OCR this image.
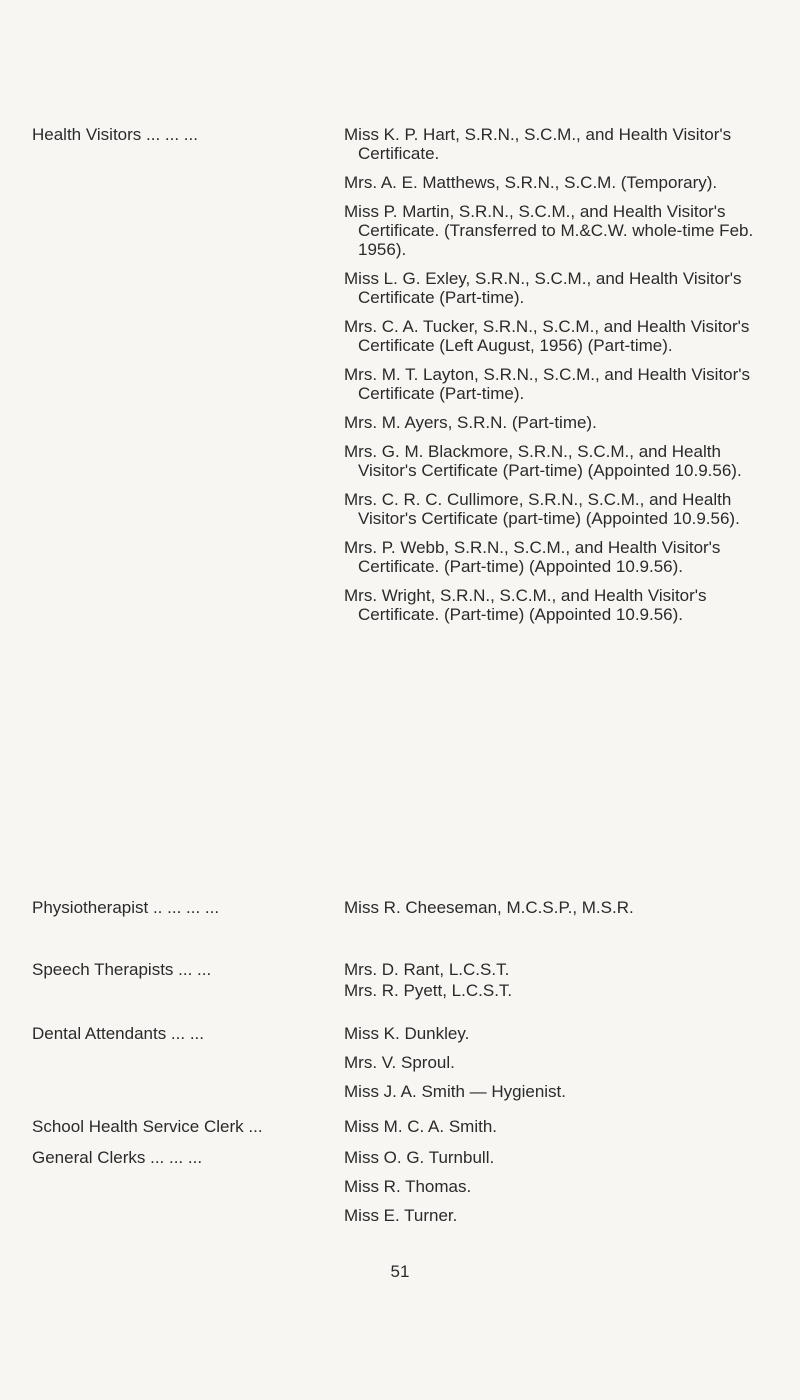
Health Visitors ... ... ...	Miss K. P. Hart, S.R.N., S.C.M., and Health Visitor's Certificate.
Mrs. A. E. Matthews, S.R.N., S.C.M. (Temporary).
Miss P. Martin, S.R.N., S.C.M., and Health Visitor's Certificate. (Transferred to M.&C.W. whole-time Feb. 1956).
Miss L. G. Exley, S.R.N., S.C.M., and Health Visitor's Certificate (Part-time).
Mrs. C. A. Tucker, S.R.N., S.C.M., and Health Visitor's Certificate (Left August, 1956) (Part-time).
Mrs. M. T. Layton, S.R.N., S.C.M., and Health Visitor's Certificate (Part-time).
Mrs. M. Ayers, S.R.N. (Part-time).
Mrs. G. M. Blackmore, S.R.N., S.C.M., and Health Visitor's Certificate (Part-time) (Appointed 10.9.56).
Mrs. C. R. C. Cullimore, S.R.N., S.C.M., and Health Visitor's Certificate (part-time) (Appointed 10.9.56).
Mrs. P. Webb, S.R.N., S.C.M., and Health Visitor's Certificate. (Part-time) (Appointed 10.9.56).
Mrs. Wright, S.R.N., S.C.M., and Health Visitor's Certificate. (Part-time) (Appointed 10.9.56).
Physiotherapist .. ... ... ...	Miss R. Cheeseman, M.C.S.P., M.S.R.
Speech Therapists ... ...	Mrs. D. Rant, L.C.S.T.
Mrs. R. Pyett, L.C.S.T.
Dental Attendants ... ...	Miss K. Dunkley.
Mrs. V. Sproul.
Miss J. A. Smith — Hygienist.
School Health Service Clerk ...	Miss M. C. A. Smith.
General Clerks ... ... ...	Miss O. G. Turnbull.
Miss R. Thomas.
Miss E. Turner.
51
